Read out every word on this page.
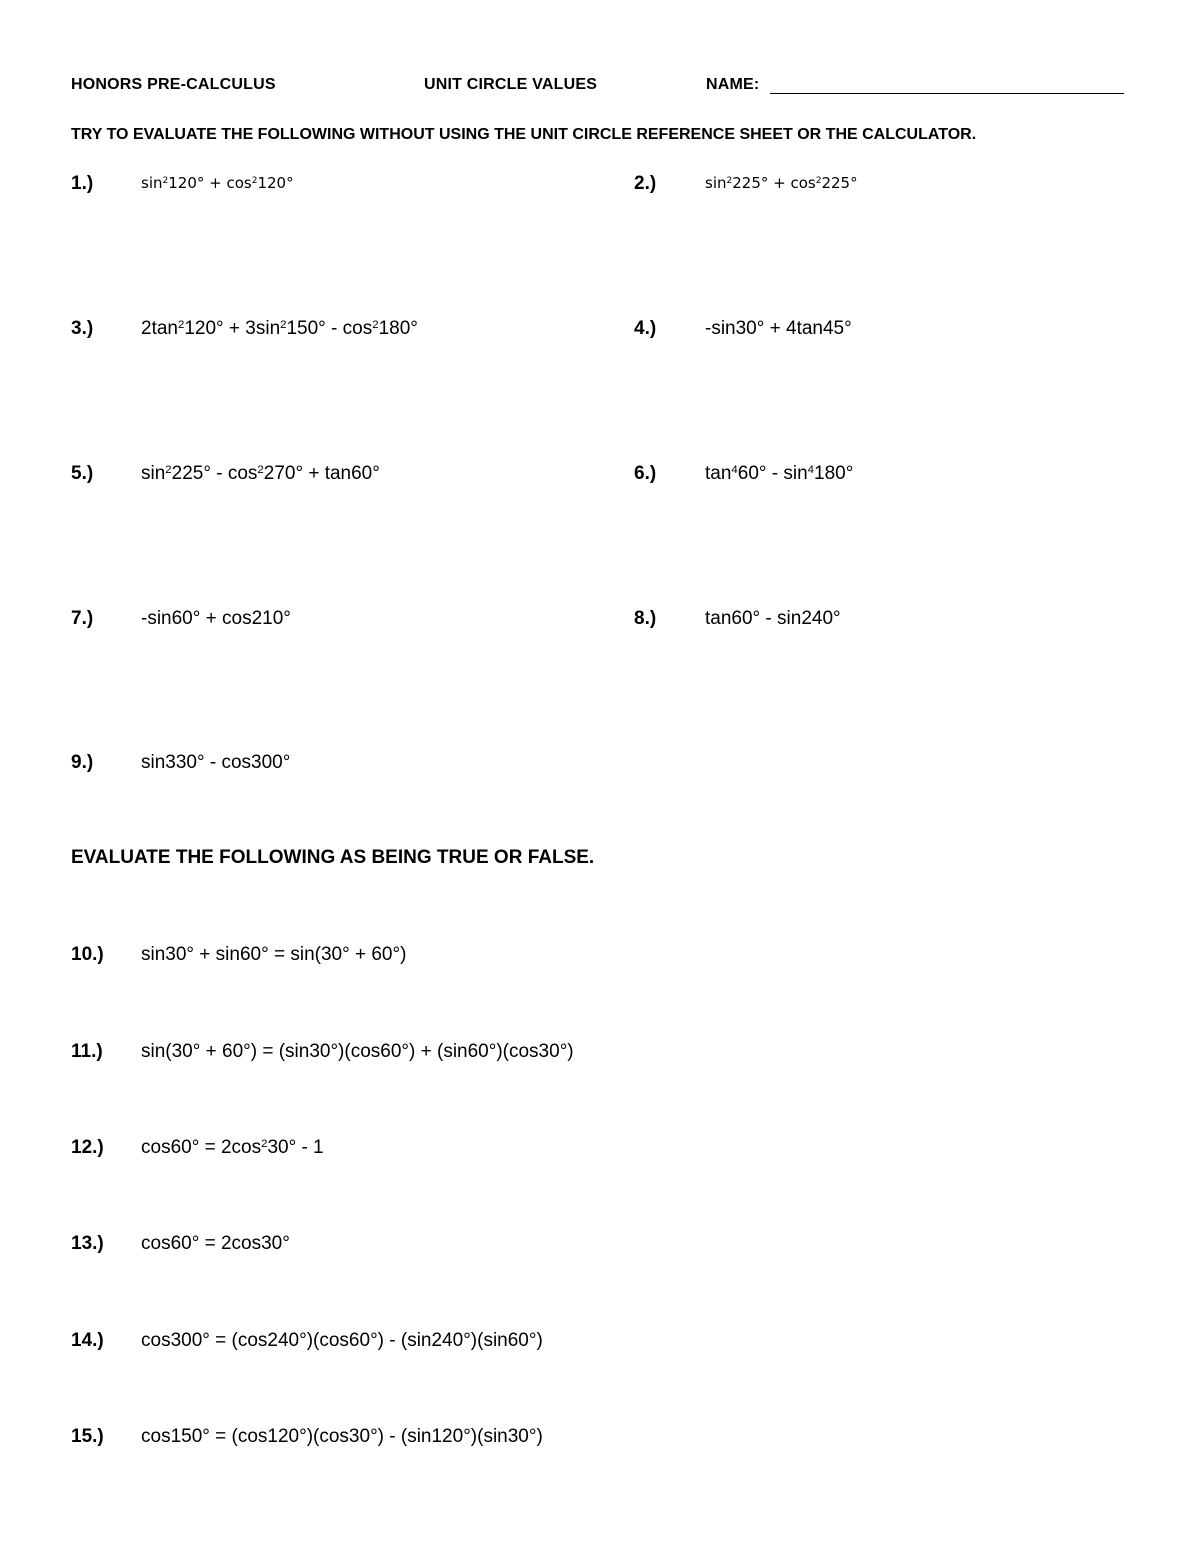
HONORS PRE-CALCULUS	UNIT CIRCLE VALUES	NAME:
TRY TO EVALUATE THE FOLLOWING WITHOUT USING THE UNIT CIRCLE REFERENCE SHEET OR THE CALCULATOR.
1.)	$\sin^2120^\circ + \cos^2120^\circ$	2.)	$\sin^2225^\circ + \cos^2225^\circ$
3.)	$2\tan^2120^\circ + 3\sin^2150^\circ - \cos^2180^\circ$	4.)	-sin30° + 4tan45°
5.)	$\sin^2225^\circ - \cos^2270^\circ + \tan 60^\circ$	6.)	$\tan^460^\circ - \sin^4180^\circ$
7.)	-sin60° + cos210°	8.)	tan60° - sin240°
9.)	sin330° - cos300°
EVALUATE THE FOLLOWING AS BEING TRUE OR FALSE.
10.) sin30° + sin60° = sin(30° + 60°)
11.) sin(30° + 60°) = (sin30°)(cos60°) + (sin60°)(cos30°)
12.) $\cos 60^\circ = 2\cos^230^\circ - 1$
13.) cos60° = 2cos30°
14.) cos300° = (cos240°)(cos60°) - (sin240°)(sin60°)
15.) cos150° = (cos120°)(cos30°) - (sin120°)(sin30°)
